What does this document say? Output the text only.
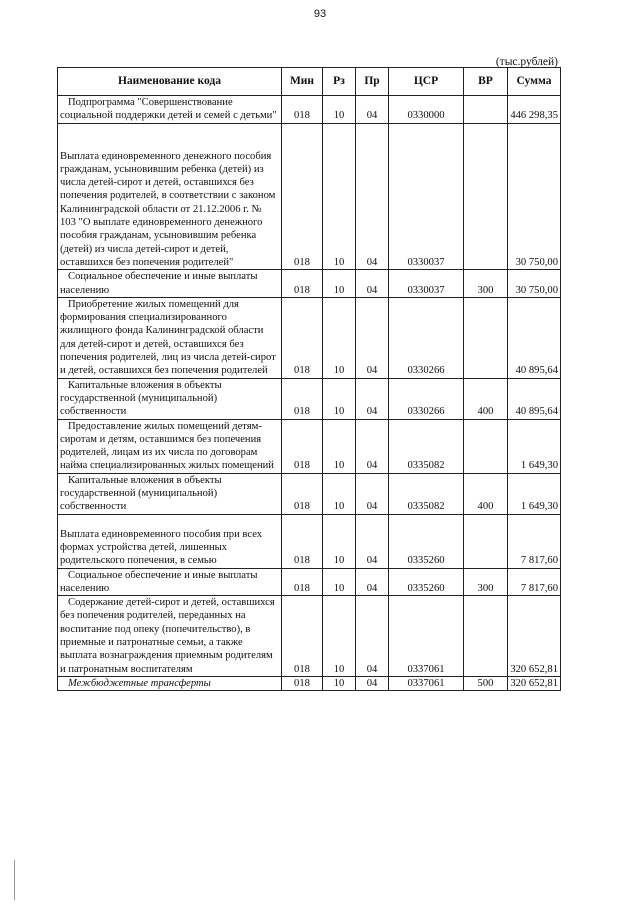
93
(тыс.рублей)
Наименование кода	Мин	Рз	Пр	ЦСР	ВР	Сумма
Подпрограмма "Совершенствование социальной поддержки детей и семей с детьми"	018	10	04	0330000		446 298,35

Выплата единовременного денежного пособия гражданам, усыновившим ребенка (детей) из числа детей-сирот и детей, оставшихся без попечения родителей, в соответствии с законом Калининградской области от 21.12.2006 г. № 103 "О выплате единовременного денежного пособия гражданам, усыновившим ребенка (детей) из числа детей-сирот и детей, оставшихся без попечения родителей"	018	10	04	0330037		30 750,00
Социальное обеспечение и иные выплаты населению	018	10	04	0330037	300	30 750,00
Приобретение жилых помещений для формирования специализированного жилищного фонда Калининградской области для детей-сирот и детей, оставшихся без попечения родителей, лиц из числа детей-сирот и детей, оставшихся без попечения родителей	018	10	04	0330266		40 895,64
Капитальные вложения в объекты государственной (муниципальной) собственности	018	10	04	0330266	400	40 895,64
Предоставление жилых помещений детям-сиротам и детям, оставшимся без попечения родителей, лицам из их числа по договорам найма специализированных жилых помещений	018	10	04	0335082		1 649,30
Капитальные вложения в объекты государственной (муниципальной) собственности	018	10	04	0335082	400	1 649,30

Выплата единовременного пособия при всех формах устройства детей, лишенных родительского попечения, в семью	018	10	04	0335260		7 817,60
Социальное обеспечение и иные выплаты населению	018	10	04	0335260	300	7 817,60
Содержание детей-сирот и детей, оставшихся без попечения родителей, переданных на воспитание под опеку (попечительство), в приемные и патронатные семьи, а также выплата вознаграждения приемным родителям и патронатным воспитателям	018	10	04	0337061		320 652,81
Межбюджетные трансферты	018	10	04	0337061	500	320 652,81
